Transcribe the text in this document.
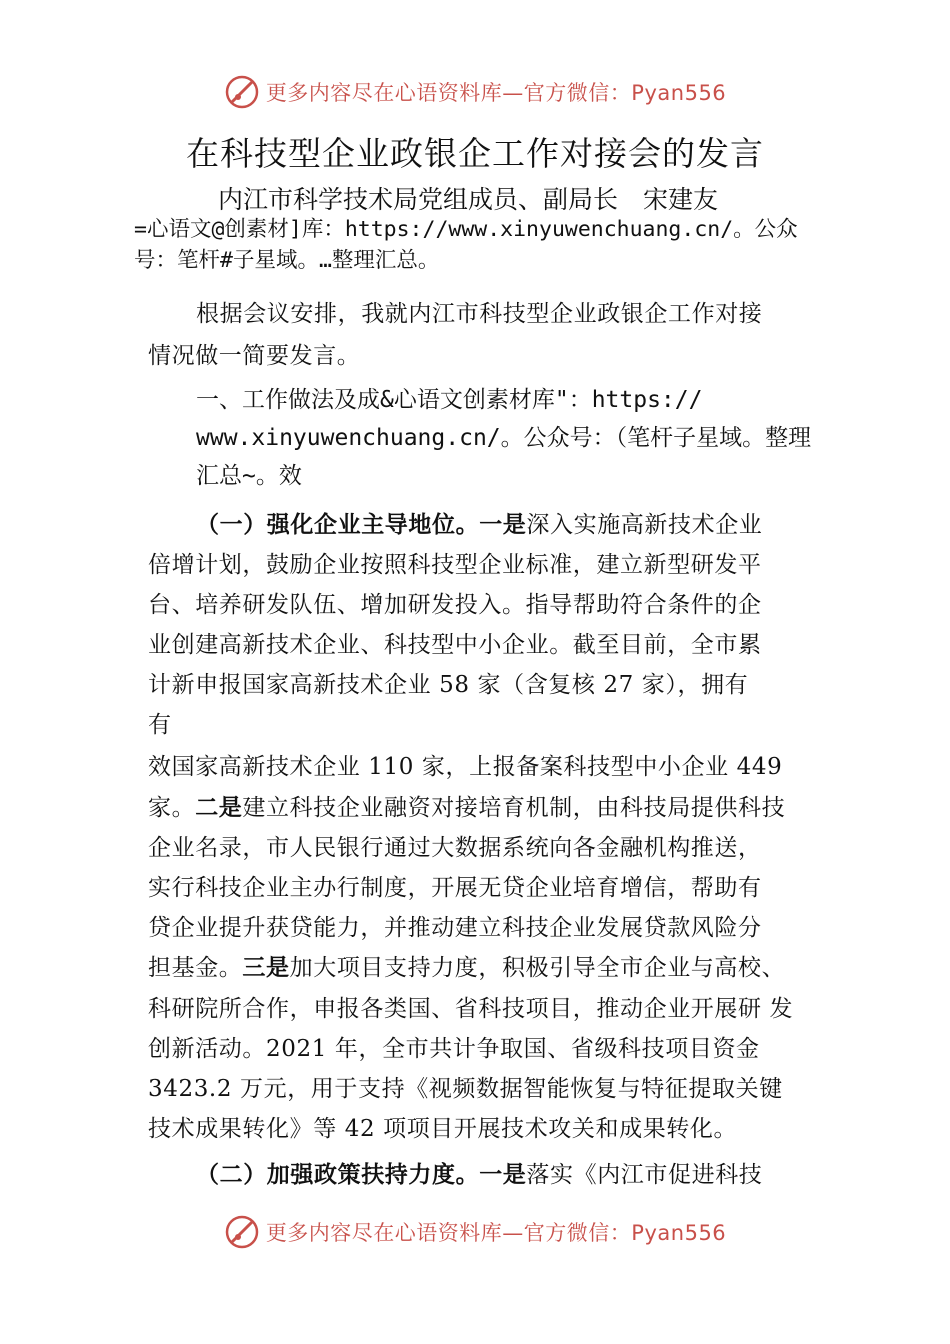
更多内容尽在心语资料库—官方微信：Pyan556
在科技型企业政银企工作对接会的发言
内江市科学技术局党组成员、副局长　宋建友
=心语文@创素材]库：https://www.xinyuwenchuang.cn/。公众
号：笔杆#子星域。…整理汇总。
根据会议安排，我就内江市科技型企业政银企工作对接
情况做一简要发言。
一、工作做法及成&心语文创素材库"：https://
www.xinyuwenchuang.cn/。公众号：（笔杆子星域。整理
汇总~。效
（一）强化企业主导地位。一是深入实施高新技术企业
倍增计划，鼓励企业按照科技型企业标准，建立新型研发平
台、培养研发队伍、增加研发投入。指导帮助符合条件的企
业创建高新技术企业、科技型中小企业。截至目前，全市累
计新申报国家高新技术企业 58 家（含复核 27 家），拥有
有
效国家高新技术企业 110 家，上报备案科技型中小企业 449
家。二是建立科技企业融资对接培育机制，由科技局提供科技
企业名录，市人民银行通过大数据系统向各金融机构推送，
实行科技企业主办行制度，开展无贷企业培育增信，帮助有
贷企业提升获贷能力，并推动建立科技企业发展贷款风险分
担基金。三是加大项目支持力度，积极引导全市企业与高校、
科研院所合作，申报各类国、省科技项目，推动企业开展研 发
创新活动。2021 年，全市共计争取国、省级科技项目资金
3423.2 万元，用于支持《视频数据智能恢复与特征提取关键
技术成果转化》等 42 项项目开展技术攻关和成果转化。
（二）加强政策扶持力度。一是落实《内江市促进科技
更多内容尽在心语资料库—官方微信：Pyan556
